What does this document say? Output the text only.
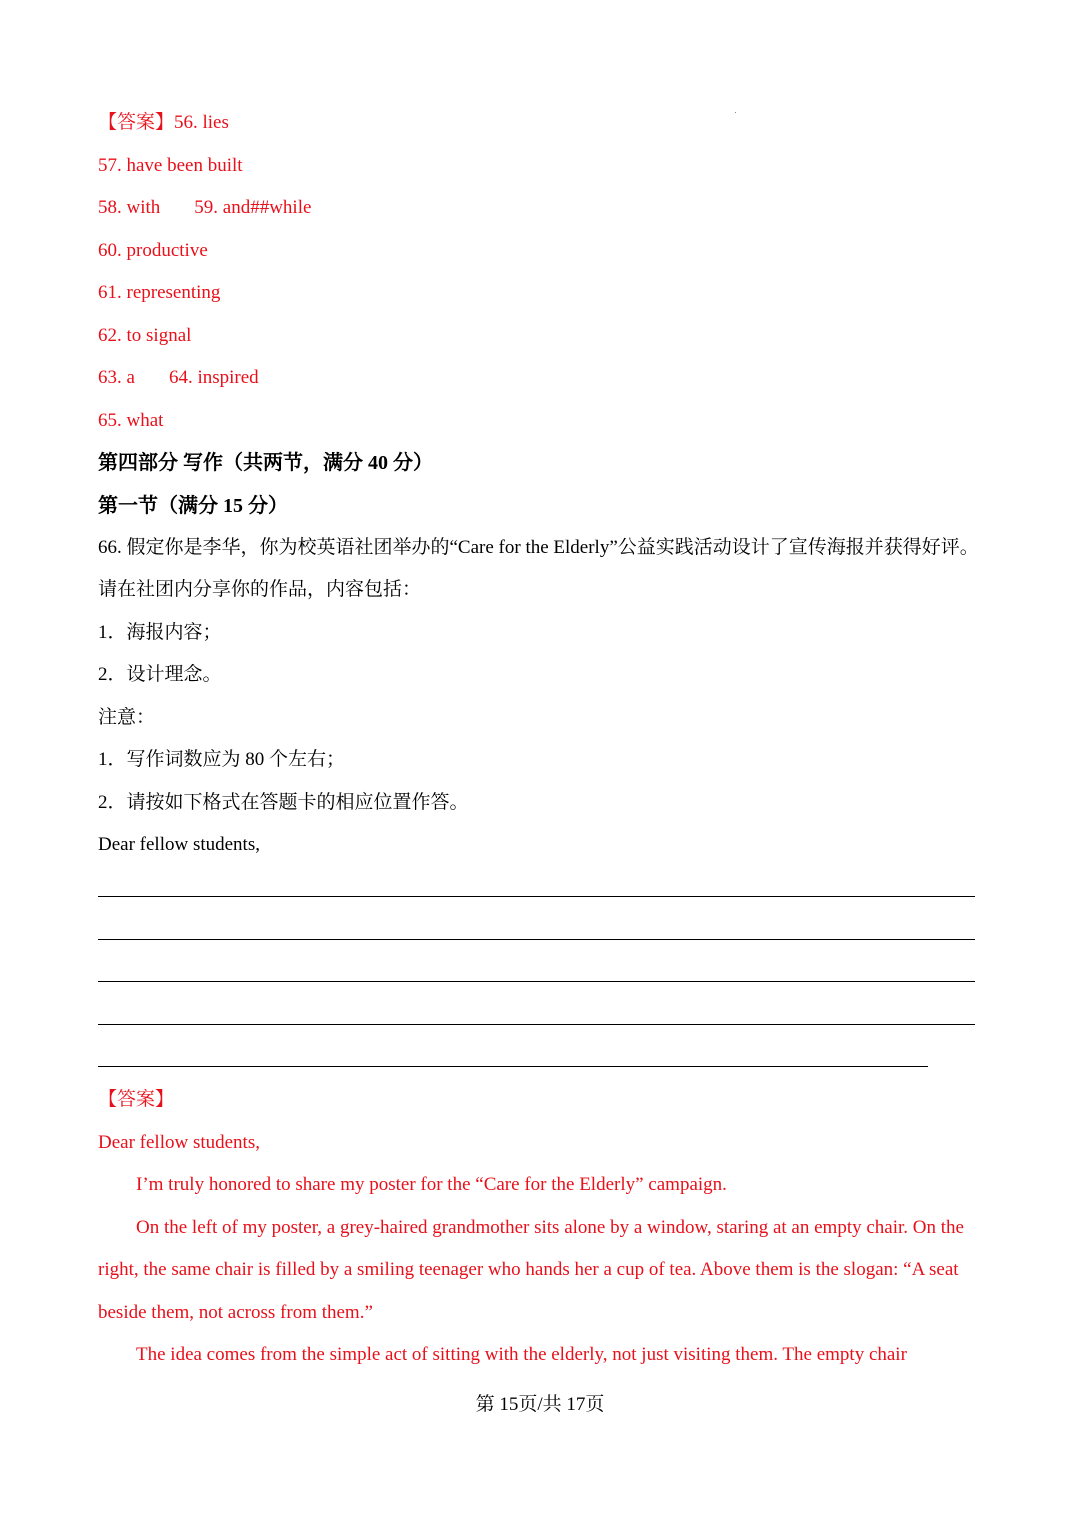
【答案】56. lies
57. have been built
58. with 59. and##while
60. productive
61. representing
62. to signal
63. a 64. inspired
65. what
第四部分 写作（共两节，满分 40 分）
第一节（满分 15 分）
66. 假定你是李华，你为校英语社团举办的“Care for the Elderly”公益实践活动设计了宣传海报并获得好评。
请在社团内分享你的作品，内容包括：
1．海报内容；
2．设计理念。
注意：
1．写作词数应为 80 个左右；
2．请按如下格式在答题卡的相应位置作答。
Dear fellow students,
【答案】
Dear fellow students,
I’m truly honored to share my poster for the “Care for the Elderly” campaign.
On the left of my poster, a grey-haired grandmother sits alone by a window, staring at an empty chair. On the
right, the same chair is filled by a smiling teenager who hands her a cup of tea. Above them is the slogan: “A seat
beside them, not across from them.”
The idea comes from the simple act of sitting with the elderly, not just visiting them. The empty chair
第 15页/共 17页
